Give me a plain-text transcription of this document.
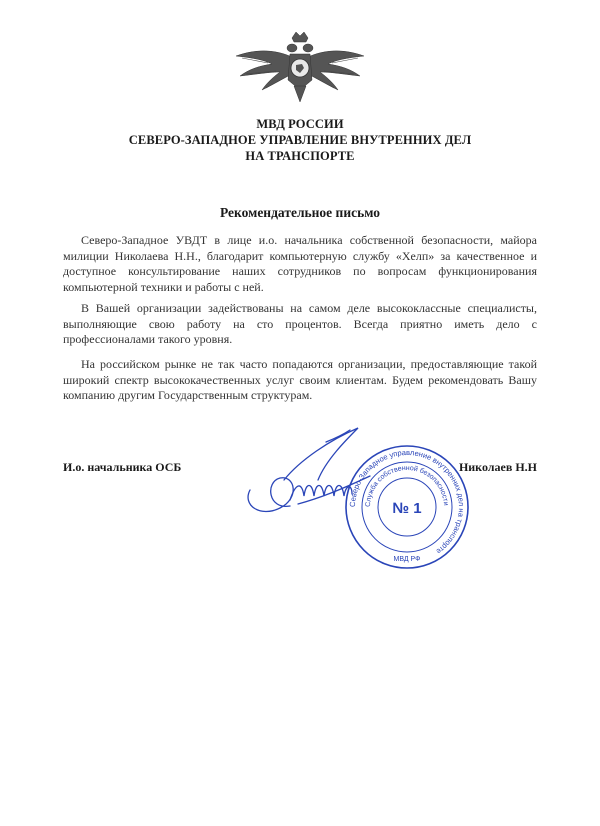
МВД РОССИИ
СЕВЕРО-ЗАПАДНОЕ УПРАВЛЕНИЕ ВНУТРЕННИХ ДЕЛ
НА ТРАНСПОРТЕ
Рекомендательное письмо
Северо-Западное УВДТ в лице и.о. начальника собственной безопасности, майора милиции Николаева Н.Н., благодарит компьютерную службу «Хелп» за качественное и доступное консультирование наших сотрудников по вопросам функционирования компьютерной техники и работы с ней.
В Вашей организации задействованы на самом деле высококлассные специалисты, выполняющие свою работу на сто процентов. Всегда приятно иметь дело с профессионалами такого уровня.
На российском рынке не так часто попадаются организации, предоставляющие такой широкий спектр высококачественных услуг своим клиентам. Будем рекомендовать Вашу компанию другим Государственным структурам.
И.о. начальника ОСБ	Николаев Н.Н
Северо-Западное управление внутренних дел на транспорте
Служба собственной безопасности
МВД РФ
№ 1
